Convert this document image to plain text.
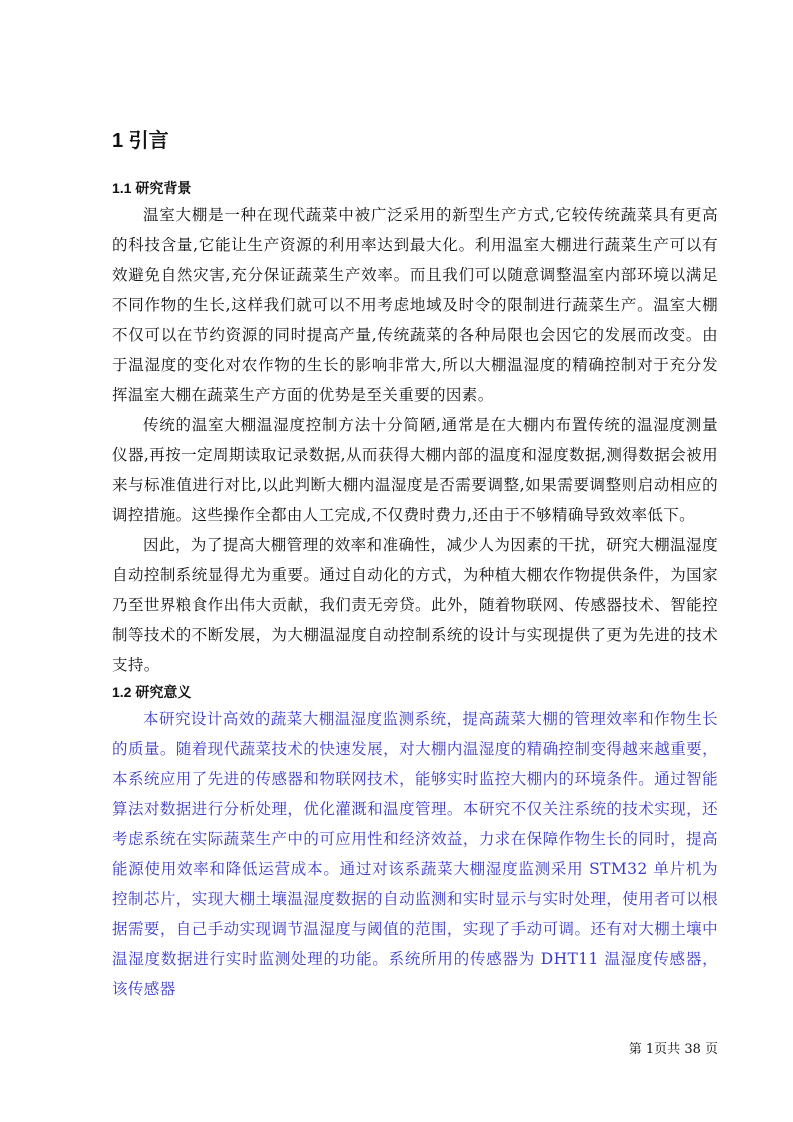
1 引言
1.1 研究背景

温室大棚是一种在现代蔬菜中被广泛采用的新型生产方式,它较传统蔬菜具有更高的科技含量,它能让生产资源的利用率达到最大化。利用温室大棚进行蔬菜生产可以有效避免自然灾害,充分保证蔬菜生产效率。而且我们可以随意调整温室内部环境以满足不同作物的生长,这样我们就可以不用考虑地域及时令的限制进行蔬菜生产。温室大棚不仅可以在节约资源的同时提高产量,传统蔬菜的各种局限也会因它的发展而改变。由于温湿度的变化对农作物的生长的影响非常大,所以大棚温湿度的精确控制对于充分发挥温室大棚在蔬菜生产方面的优势是至关重要的因素。

传统的温室大棚温湿度控制方法十分简陋,通常是在大棚内布置传统的温湿度测量仪器,再按一定周期读取记录数据,从而获得大棚内部的温度和湿度数据,测得数据会被用来与标准值进行对比,以此判断大棚内温湿度是否需要调整,如果需要调整则启动相应的调控措施。这些操作全都由人工完成,不仅费时费力,还由于不够精确导致效率低下。

因此，为了提高大棚管理的效率和准确性，减少人为因素的干扰，研究大棚温湿度自动控制系统显得尤为重要。通过自动化的方式，为种植大棚农作物提供条件，为国家乃至世界粮食作出伟大贡献，我们责无旁贷。此外，随着物联网、传感器技术、智能控制等技术的不断发展，为大棚温湿度自动控制系统的设计与实现提供了更为先进的技术支持。

1.2 研究意义

本研究设计高效的蔬菜大棚温湿度监测系统，提高蔬菜大棚的管理效率和作物生长的质量。随着现代蔬菜技术的快速发展，对大棚内温湿度的精确控制变得越来越重要，本系统应用了先进的传感器和物联网技术，能够实时监控大棚内的环境条件。通过智能算法对数据进行分析处理，优化灌溉和温度管理。本研究不仅关注系统的技术实现，还考虑系统在实际蔬菜生产中的可应用性和经济效益，力求在保障作物生长的同时，提高能源使用效率和降低运营成本。通过对该系蔬菜大棚湿度监测采用 STM32 单片机为控制芯片，实现大棚土壤温湿度数据的自动监测和实时显示与实时处理，使用者可以根据需要，自己手动实现调节温湿度与阈值的范围，实现了手动可调。还有对大棚土壤中温湿度数据进行实时监测处理的功能。系统所用的传感器为 DHT11 温湿度传感器，该传感器

第 1页共 38 页
